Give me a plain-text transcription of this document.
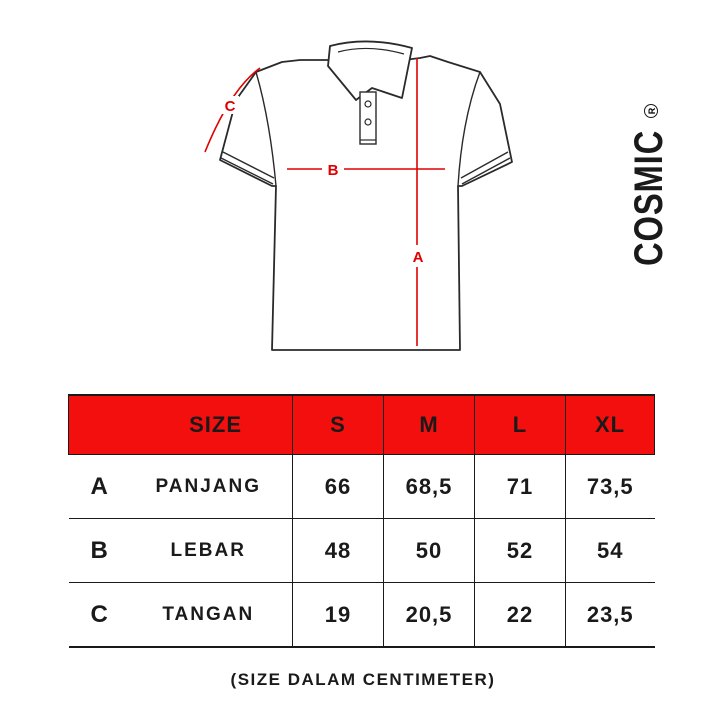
A
B
C
COSMIC
R
SIZE	S	M	L	XL

A PANJANG	66	68,5	71	73,5

B LEBAR	48	50	52	54

C TANGAN	19	20,5	22	23,5
(SIZE DALAM CENTIMETER)
